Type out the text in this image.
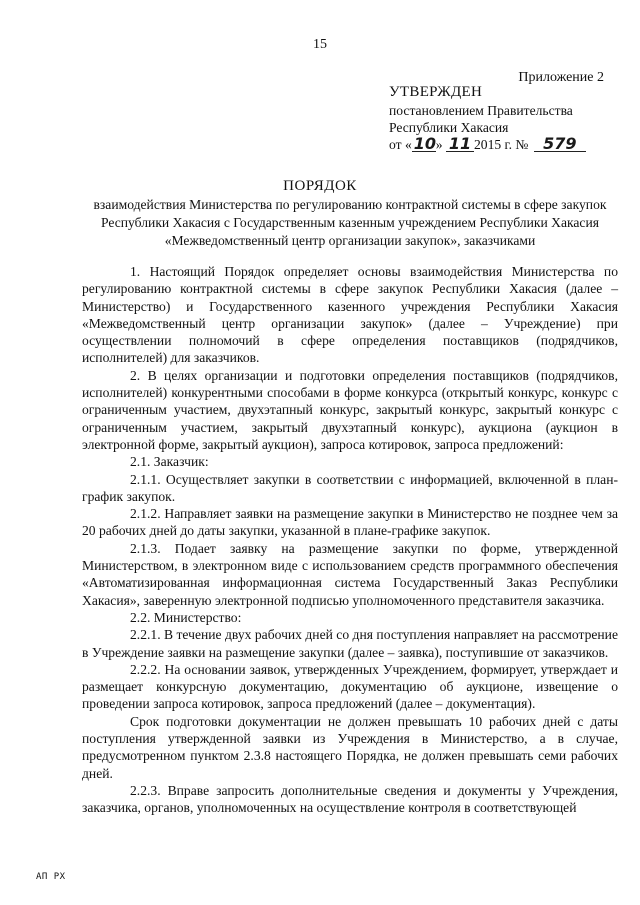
15
Приложение 2
УТВЕРЖДЕН
постановлением Правительства
Республики Хакасия
от « 10» 11 2015 г. № 579
ПОРЯДОК
взаимодействия Министерства по регулированию контрактной системы в сфере закупок Республики Хакасия с Государственным казенным учреждением Республики Хакасия «Межведомственный центр организации закупок», заказчиками

1. Настоящий Порядок определяет основы взаимодействия Министерства по регулированию контрактной системы в сфере закупок Республики Хакасия (далее – Министерство) и Государственного казенного учреждения Республики Хакасия «Межведомственный центр организации закупок» (далее – Учреждение) при осуществлении полномочий в сфере определения поставщиков (подрядчиков, исполнителей) для заказчиков.

2. В целях организации и подготовки определения поставщиков (подрядчиков, исполнителей) конкурентными способами в форме конкурса (открытый конкурс, конкурс с ограниченным участием, двухэтапный конкурс, закрытый конкурс, закрытый конкурс с ограниченным участием, закрытый двухэтапный конкурс), аукциона (аукцион в электронной форме, закрытый аукцион), запроса котировок, запроса предложений:

2.1. Заказчик:

2.1.1. Осуществляет закупки в соответствии с информацией, включенной в план-график закупок.

2.1.2. Направляет заявки на размещение закупки в Министерство не позднее чем за 20 рабочих дней до даты закупки, указанной в плане-графике закупок.

2.1.3. Подает заявку на размещение закупки по форме, утвержденной Министерством, в электронном виде с использованием средств программного обеспечения «Автоматизированная информационная система Государственный Заказ Республики Хакасия», заверенную электронной подписью уполномоченного представителя заказчика.

2.2. Министерство:

2.2.1. В течение двух рабочих дней со дня поступления направляет на рассмотрение в Учреждение заявки на размещение закупки (далее – заявка), поступившие от заказчиков.

2.2.2. На основании заявок, утвержденных Учреждением, формирует, утверждает и размещает конкурсную документацию, документацию об аукционе, извещение о проведении запроса котировок, запроса предложений (далее – документация).

Срок подготовки документации не должен превышать 10 рабочих дней с даты поступления утвержденной заявки из Учреждения в Министерство, а в случае, предусмотренном пунктом 2.3.8 настоящего Порядка, не должен превышать семи рабочих дней.

2.2.3. Вправе запросить дополнительные сведения и документы у Учреждения, заказчика, органов, уполномоченных на осуществление контроля в соответствующей

АП РХ
